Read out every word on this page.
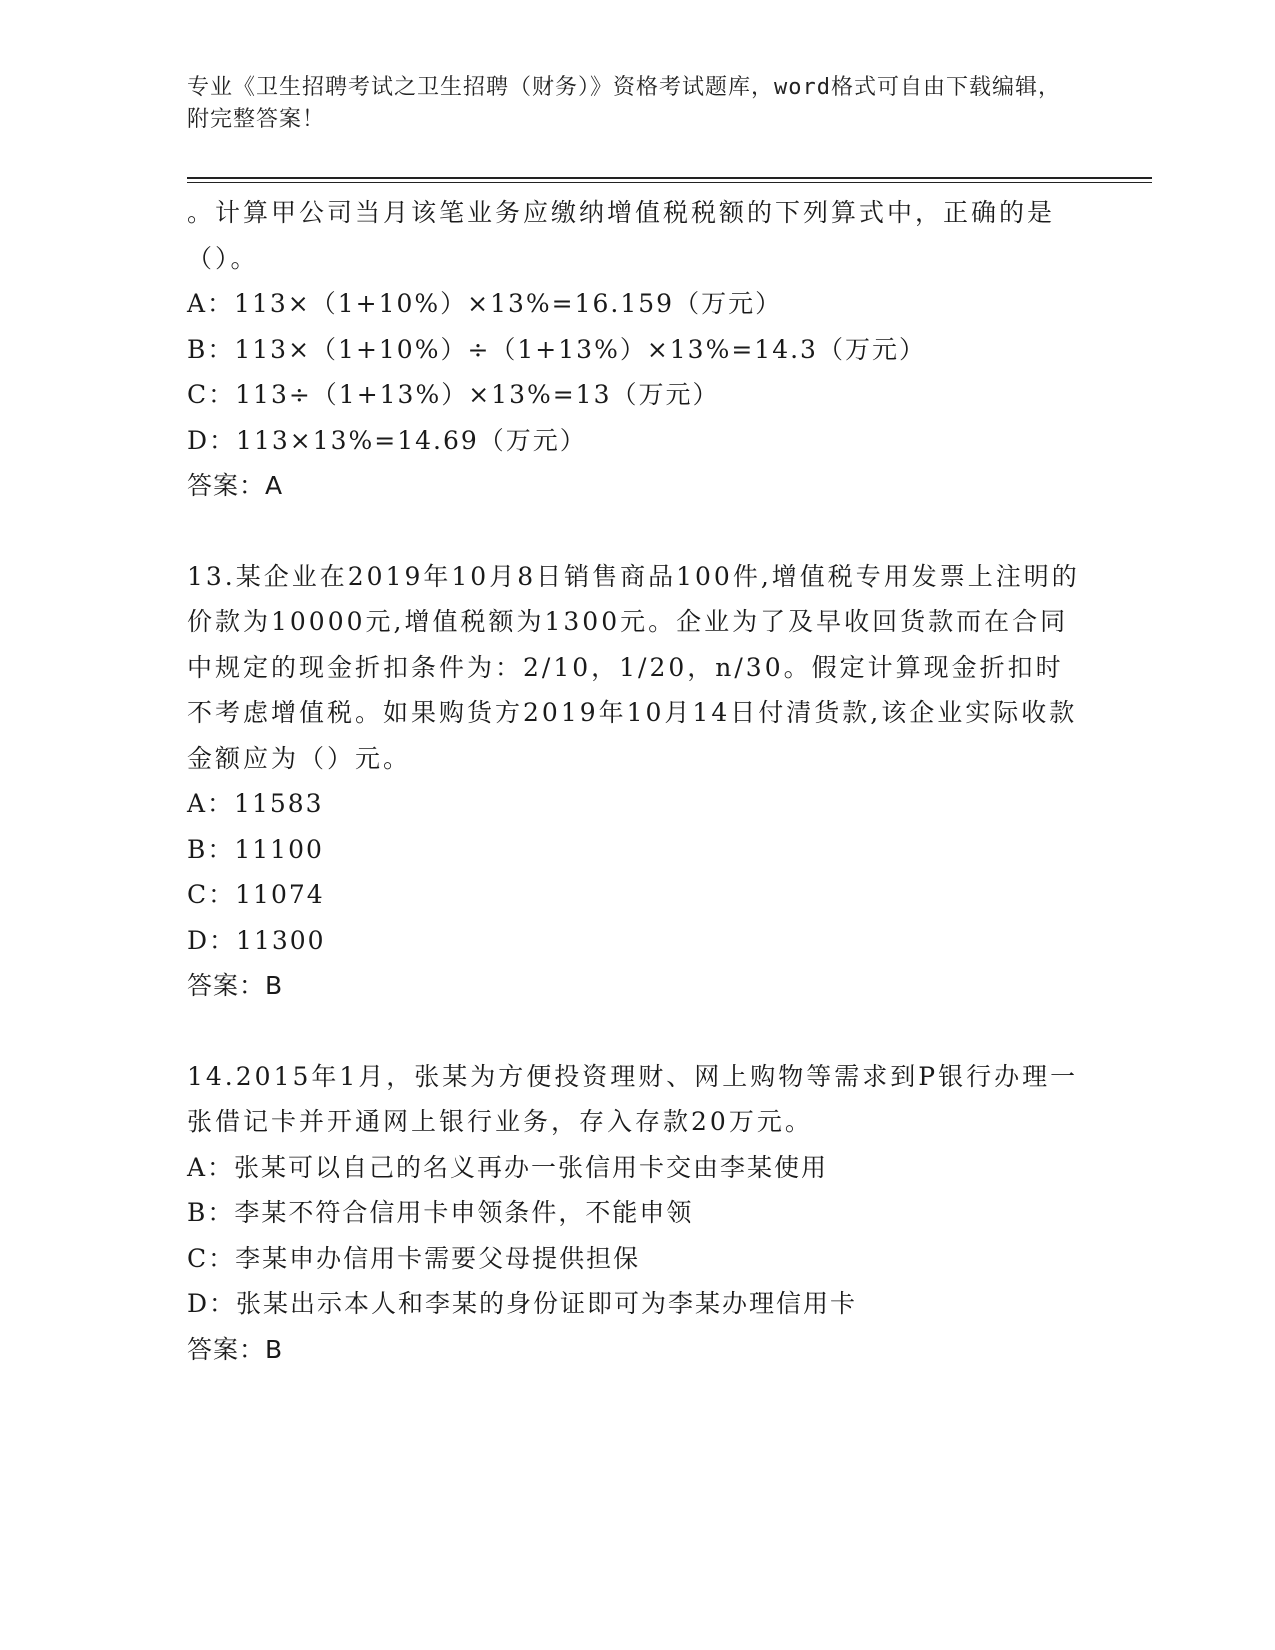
专业《卫生招聘考试之卫生招聘（财务）》资格考试题库，word格式可自由下载编辑，附完整答案！

。计算甲公司当月该笔业务应缴纳增值税税额的下列算式中，正确的是（）。

A：113×（1+10%）×13%=16.159（万元）

B：113×（1+10%）÷（1+13%）×13%=14.3（万元）

C：113÷（1+13%）×13%=13（万元）

D：113×13%=14.69（万元）

答案：A

13.某企业在2019年10月8日销售商品100件,增值税专用发票上注明的价款为10000元,增值税额为1300元。企业为了及早收回货款而在合同中规定的现金折扣条件为：2/10，1/20，n/30。假定计算现金折扣时不考虑增值税。如果购货方2019年10月14日付清货款,该企业实际收款金额应为（）元。

A：11583

B：11100

C：11074

D：11300

答案：B

14.2015年1月，张某为方便投资理财、网上购物等需求到P银行办理一张借记卡并开通网上银行业务，存入存款20万元。

A：张某可以自己的名义再办一张信用卡交由李某使用

B：李某不符合信用卡申领条件，不能申领

C：李某申办信用卡需要父母提供担保

D：张某出示本人和李某的身份证即可为李某办理信用卡

答案：B
